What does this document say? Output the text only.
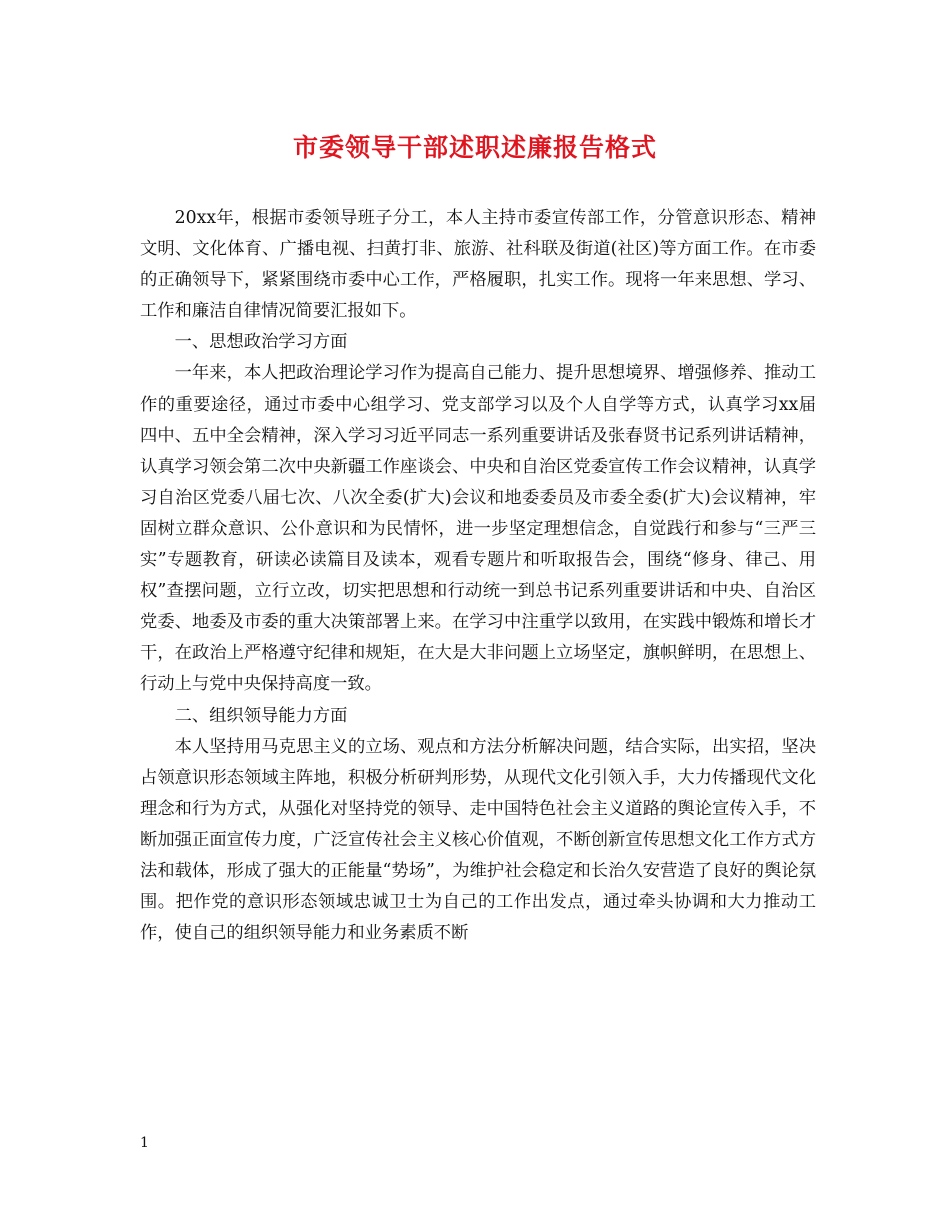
市委领导干部述职述廉报告格式

20xx年，根据市委领导班子分工，本人主持市委宣传部工作，分管意识形态、精神文明、文化体育、广播电视、扫黄打非、旅游、社科联及街道(社区)等方面工作。在市委的正确领导下，紧紧围绕市委中心工作，严格履职，扎实工作。现将一年来思想、学习、工作和廉洁自律情况简要汇报如下。

一、思想政治学习方面

一年来，本人把政治理论学习作为提高自己能力、提升思想境界、增强修养、推动工作的重要途径，通过市委中心组学习、党支部学习以及个人自学等方式，认真学习xx届四中、五中全会精神，深入学习习近平同志一系列重要讲话及张春贤书记系列讲话精神，认真学习领会第二次中央新疆工作座谈会、中央和自治区党委宣传工作会议精神，认真学习自治区党委八届七次、八次全委(扩大)会议和地委委员及市委全委(扩大)会议精神，牢固树立群众意识、公仆意识和为民情怀，进一步坚定理想信念，自觉践行和参与“三严三实”专题教育，研读必读篇目及读本，观看专题片和听取报告会，围绕“修身、律己、用权”查摆问题，立行立改，切实把思想和行动统一到总书记系列重要讲话和中央、自治区党委、地委及市委的重大决策部署上来。在学习中注重学以致用，在实践中锻炼和增长才干，在政治上严格遵守纪律和规矩，在大是大非问题上立场坚定，旗帜鲜明，在思想上、行动上与党中央保持高度一致。

二、组织领导能力方面

本人坚持用马克思主义的立场、观点和方法分析解决问题，结合实际，出实招，坚决占领意识形态领域主阵地，积极分析研判形势，从现代文化引领入手，大力传播现代文化理念和行为方式，从强化对坚持党的领导、走中国特色社会主义道路的舆论宣传入手，不断加强正面宣传力度，广泛宣传社会主义核心价值观，不断创新宣传思想文化工作方式方法和载体，形成了强大的正能量“势场”，为维护社会稳定和长治久安营造了良好的舆论氛围。把作党的意识形态领域忠诚卫士为自己的工作出发点，通过牵头协调和大力推动工作，使自己的组织领导能力和业务素质不断

1
